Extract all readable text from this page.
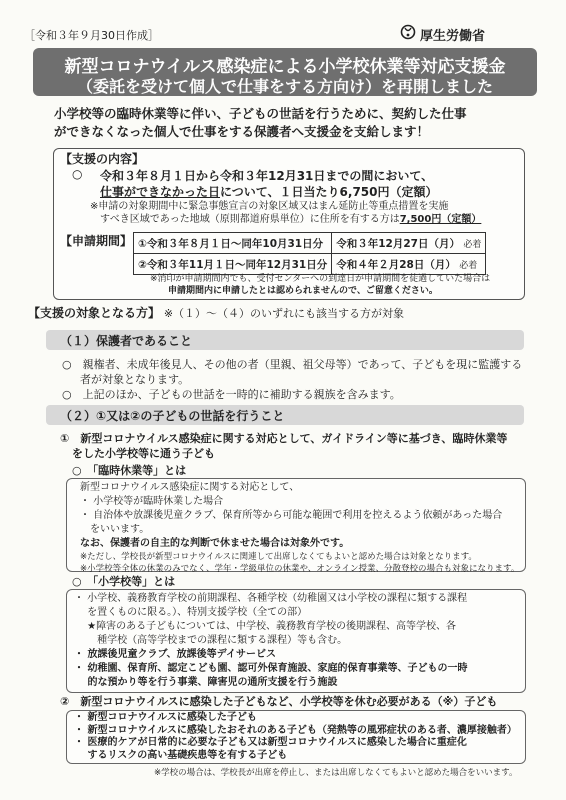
［令和３年９月30日作成］	厚生労働省
新型コロナウイルス感染症による小学校休業等対応支援金
（委託を受けて個人で仕事をする方向け）を再開しました
小学校等の臨時休業等に伴い、子どもの世話を行うために、契約した仕事
ができなくなった個人で仕事をする保護者へ支援金を支給します！
【支援の内容】
○ 令和３年８月１日から令和３年12月31日までの間において、
仕事ができなかった日について、１日当たり6,750円（定額）
※申請の対象期間中に緊急事態宣言の対象区域又はまん延防止等重点措置を実施
すべき区域であった地域（原則都道府県単位）に住所を有する方は7,500円（定額）
【申請期間】 ①令和３年８月１日～同年10月31日分	令和３年12月27日（月） 必着
②令和３年11月１日～同年12月31日分	令和４年２月28日（月） 必着
※消印が申請期間内でも、受付センターへの到達日が申請期間を徒過していた場合は
申請期間内に申請したとは認められませんので、ご留意ください。
【支援の対象となる方】 ※（１）～（４）のいずれにも該当する方が対象
（１）保護者であること
○　親権者、未成年後見人、その他の者（里親、祖父母等）であって、子どもを現に監護する
者が対象となります。
○　上記のほか、子どもの世話を一時的に補助する親族を含みます。
（２）①又は②の子どもの世話を行うこと
①　新型コロナウイルス感染症に関する対応として、ガイドライン等に基づき、臨時休業等
をした小学校等に通う子ども
○　「臨時休業等」とは
新型コロナウイルス感染症に関する対応として、
・ 小学校等が臨時休業した場合
・ 自治体や放課後児童クラブ、保育所等から可能な範囲で利用を控えるよう依頼があった場合
をいいます。
なお、保護者の自主的な判断で休ませた場合は対象外です。
※ただし、学校長が新型コロナウイルスに関連して出席しなくてもよいと認めた場合は対象となります。
※小学校等全体の休業のみでなく、学年・学級単位の休業や、オンライン授業、分散登校の場合も対象になります。
○　「小学校等」とは
・ 小学校、義務教育学校の前期課程、各種学校（幼稚園又は小学校の課程に類する課程
　 を置くものに限る。）、特別支援学校（全ての部）
　 ★障害のある子どもについては、中学校、義務教育学校の後期課程、高等学校、各
　 　種学校（高等学校までの課程に類する課程）等も含む。
・ 放課後児童クラブ、放課後等デイサービス
・ 幼稚園、保育所、認定こども園、認可外保育施設、家庭的保育事業等、子どもの一時
　 的な預かり等を行う事業、障害児の通所支援を行う施設
②　新型コロナウイルスに感染した子どもなど、小学校等を休む必要がある（※）子ども
・ 新型コロナウイルスに感染した子ども
・ 新型コロナウイルスに感染したおそれのある子ども（発熱等の風邪症状のある者、濃厚接触者）
・ 医療的ケアが日常的に必要な子ども又は新型コロナウイルスに感染した場合に重症化
　 するリスクの高い基礎疾患等を有する子ども
※学校の場合は、学校長が出席を停止し、または出席しなくてもよいと認めた場合をいいます。
